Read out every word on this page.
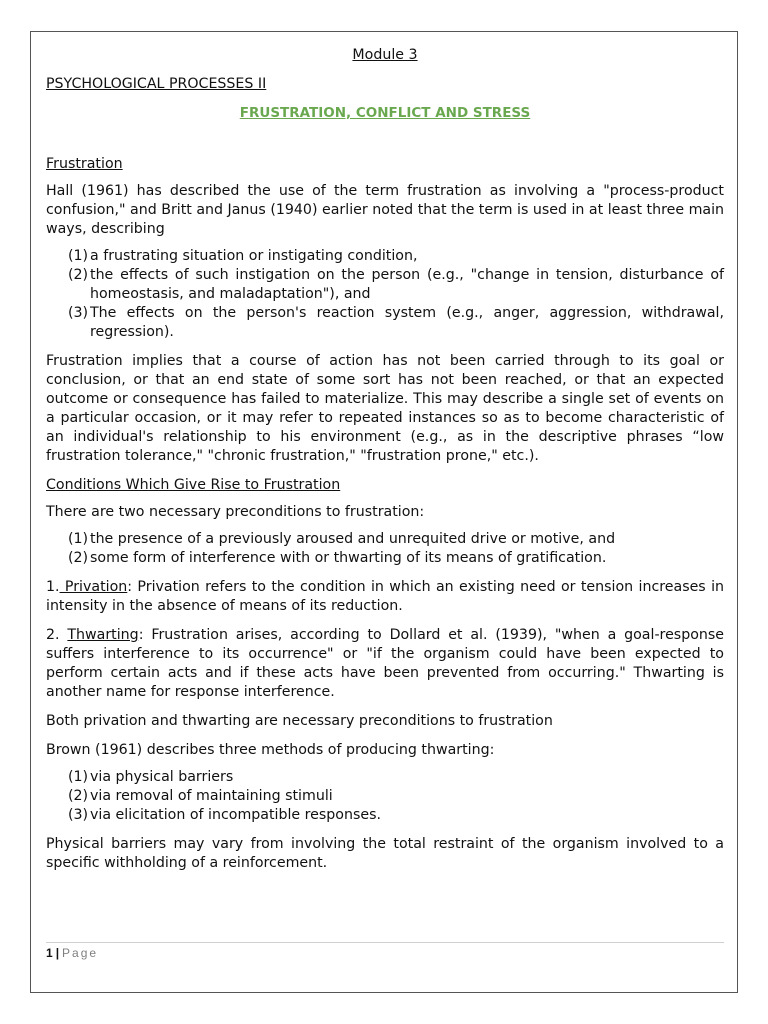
Module 3
PSYCHOLOGICAL PROCESSES II
FRUSTRATION, CONFLICT AND STRESS
Frustration

Hall (1961) has described the use of the term frustration as involving a "process-product confusion," and Britt and Janus (1940) earlier noted that the term is used in at least three main ways, describing

(1) a frustrating situation or instigating condition,
(2) the effects of such instigation on the person (e.g., "change in tension, disturbance of homeostasis, and maladaptation"), and
(3) The effects on the person's reaction system (e.g., anger, aggression, withdrawal, regression).

Frustration implies that a course of action has not been carried through to its goal or conclusion, or that an end state of some sort has not been reached, or that an expected outcome or consequence has failed to materialize. This may describe a single set of events on a particular occasion, or it may refer to repeated instances so as to become characteristic of an individual's relationship to his environment (e.g., as in the descriptive phrases “low frustration tolerance," "chronic frustration," "frustration prone," etc.).

Conditions Which Give Rise to Frustration

There are two necessary preconditions to frustration:

(1) the presence of a previously aroused and unrequited drive or motive, and
(2) some form of interference with or thwarting of its means of gratification.

1. Privation: Privation refers to the condition in which an existing need or tension increases in intensity in the absence of means of its reduction.

2. Thwarting: Frustration arises, according to Dollard et al. (1939), "when a goal-response suffers interference to its occurrence" or "if the organism could have been expected to perform certain acts and if these acts have been prevented from occurring." Thwarting is another name for response interference.

Both privation and thwarting are necessary preconditions to frustration

Brown (1961) describes three methods of producing thwarting:

(1) via physical barriers
(2) via removal of maintaining stimuli
(3) via elicitation of incompatible responses.

Physical barriers may vary from involving the total restraint of the organism involved to a specific withholding of a reinforcement.

1 | Page
